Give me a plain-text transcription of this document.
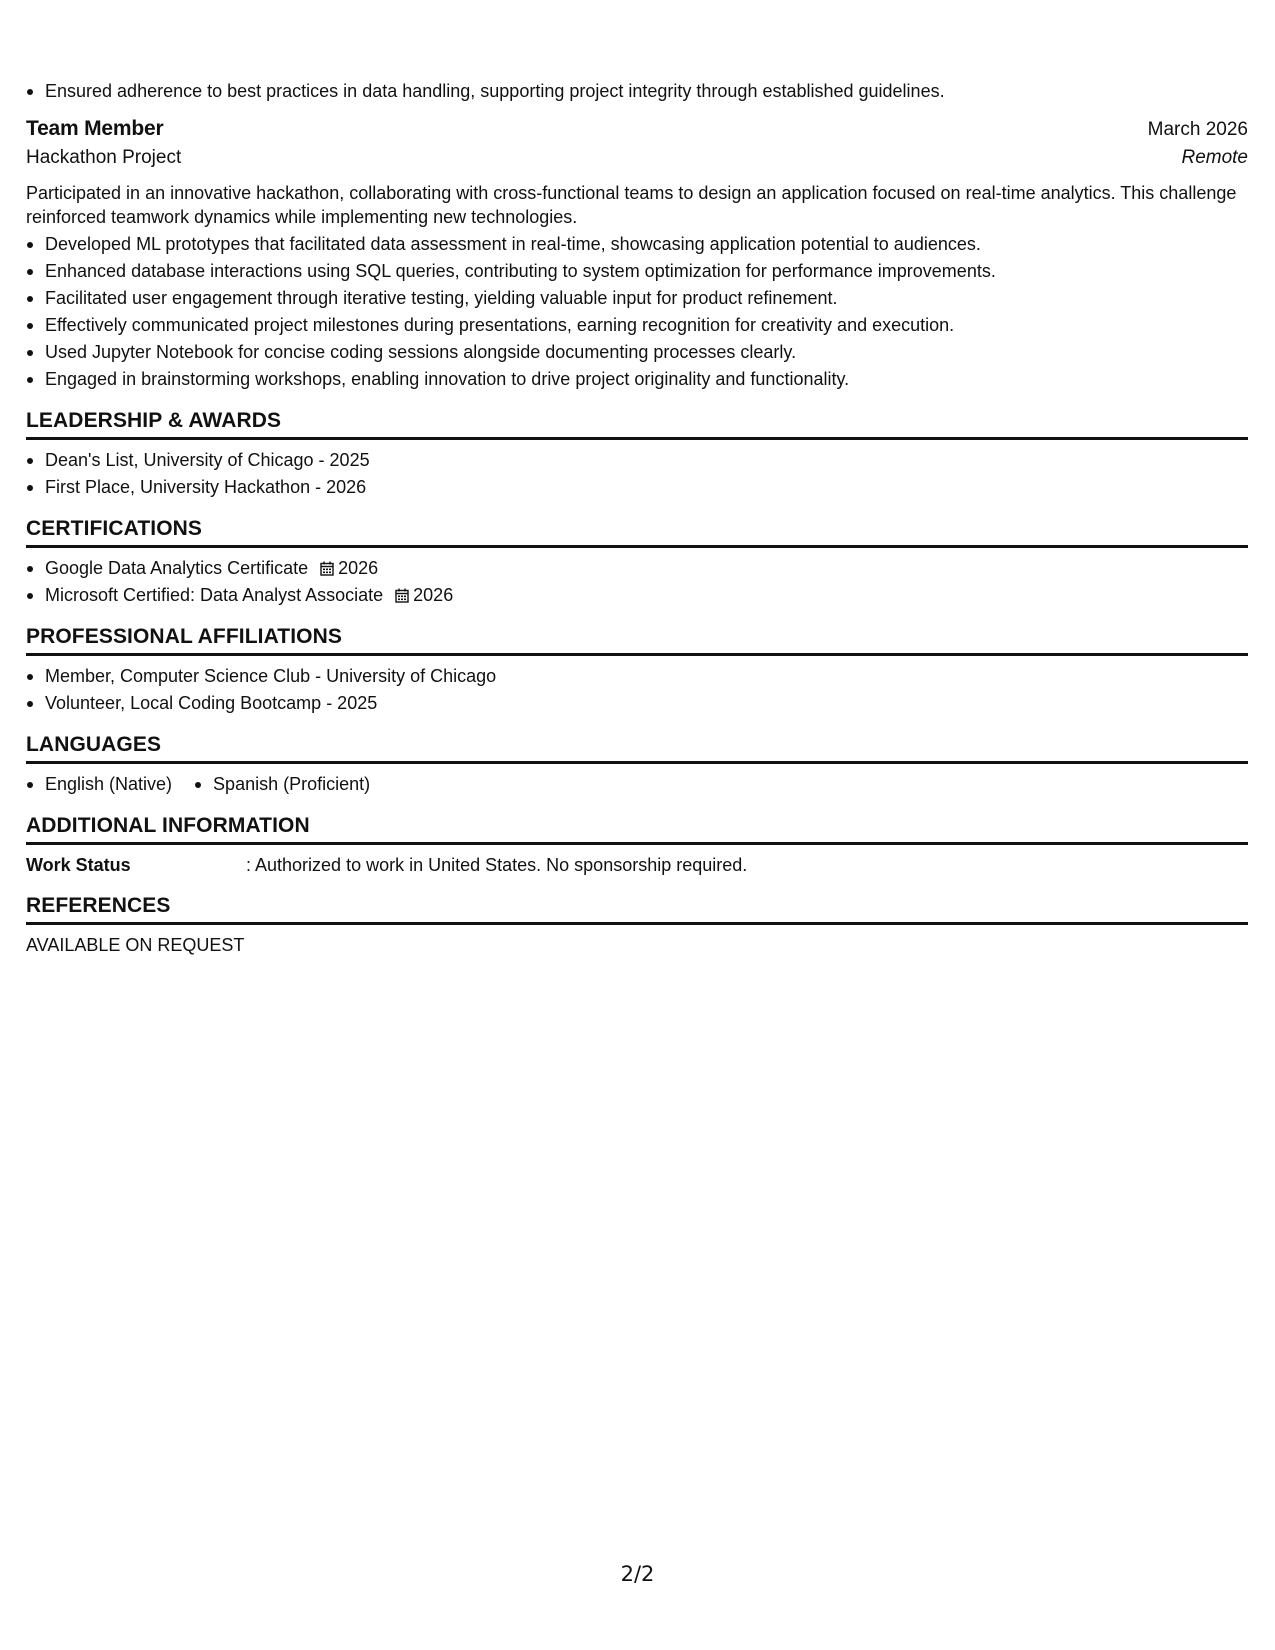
Ensured adherence to best practices in data handling, supporting project integrity through established guidelines.
Team Member	March 2026
Hackathon Project	Remote
Participated in an innovative hackathon, collaborating with cross-functional teams to design an application focused on real-time analytics. This challenge reinforced teamwork dynamics while implementing new technologies.
Developed ML prototypes that facilitated data assessment in real-time, showcasing application potential to audiences.
Enhanced database interactions using SQL queries, contributing to system optimization for performance improvements.
Facilitated user engagement through iterative testing, yielding valuable input for product refinement.
Effectively communicated project milestones during presentations, earning recognition for creativity and execution.
Used Jupyter Notebook for concise coding sessions alongside documenting processes clearly.
Engaged in brainstorming workshops, enabling innovation to drive project originality and functionality.
LEADERSHIP & AWARDS
Dean's List, University of Chicago - 2025
First Place, University Hackathon - 2026
CERTIFICATIONS
Google Data Analytics Certificate 2026
Microsoft Certified: Data Analyst Associate 2026
PROFESSIONAL AFFILIATIONS
Member, Computer Science Club - University of Chicago
Volunteer, Local Coding Bootcamp - 2025
LANGUAGES
English (Native)	Spanish (Proficient)
ADDITIONAL INFORMATION
Work Status	: Authorized to work in United States. No sponsorship required.
REFERENCES
AVAILABLE ON REQUEST
2/2
